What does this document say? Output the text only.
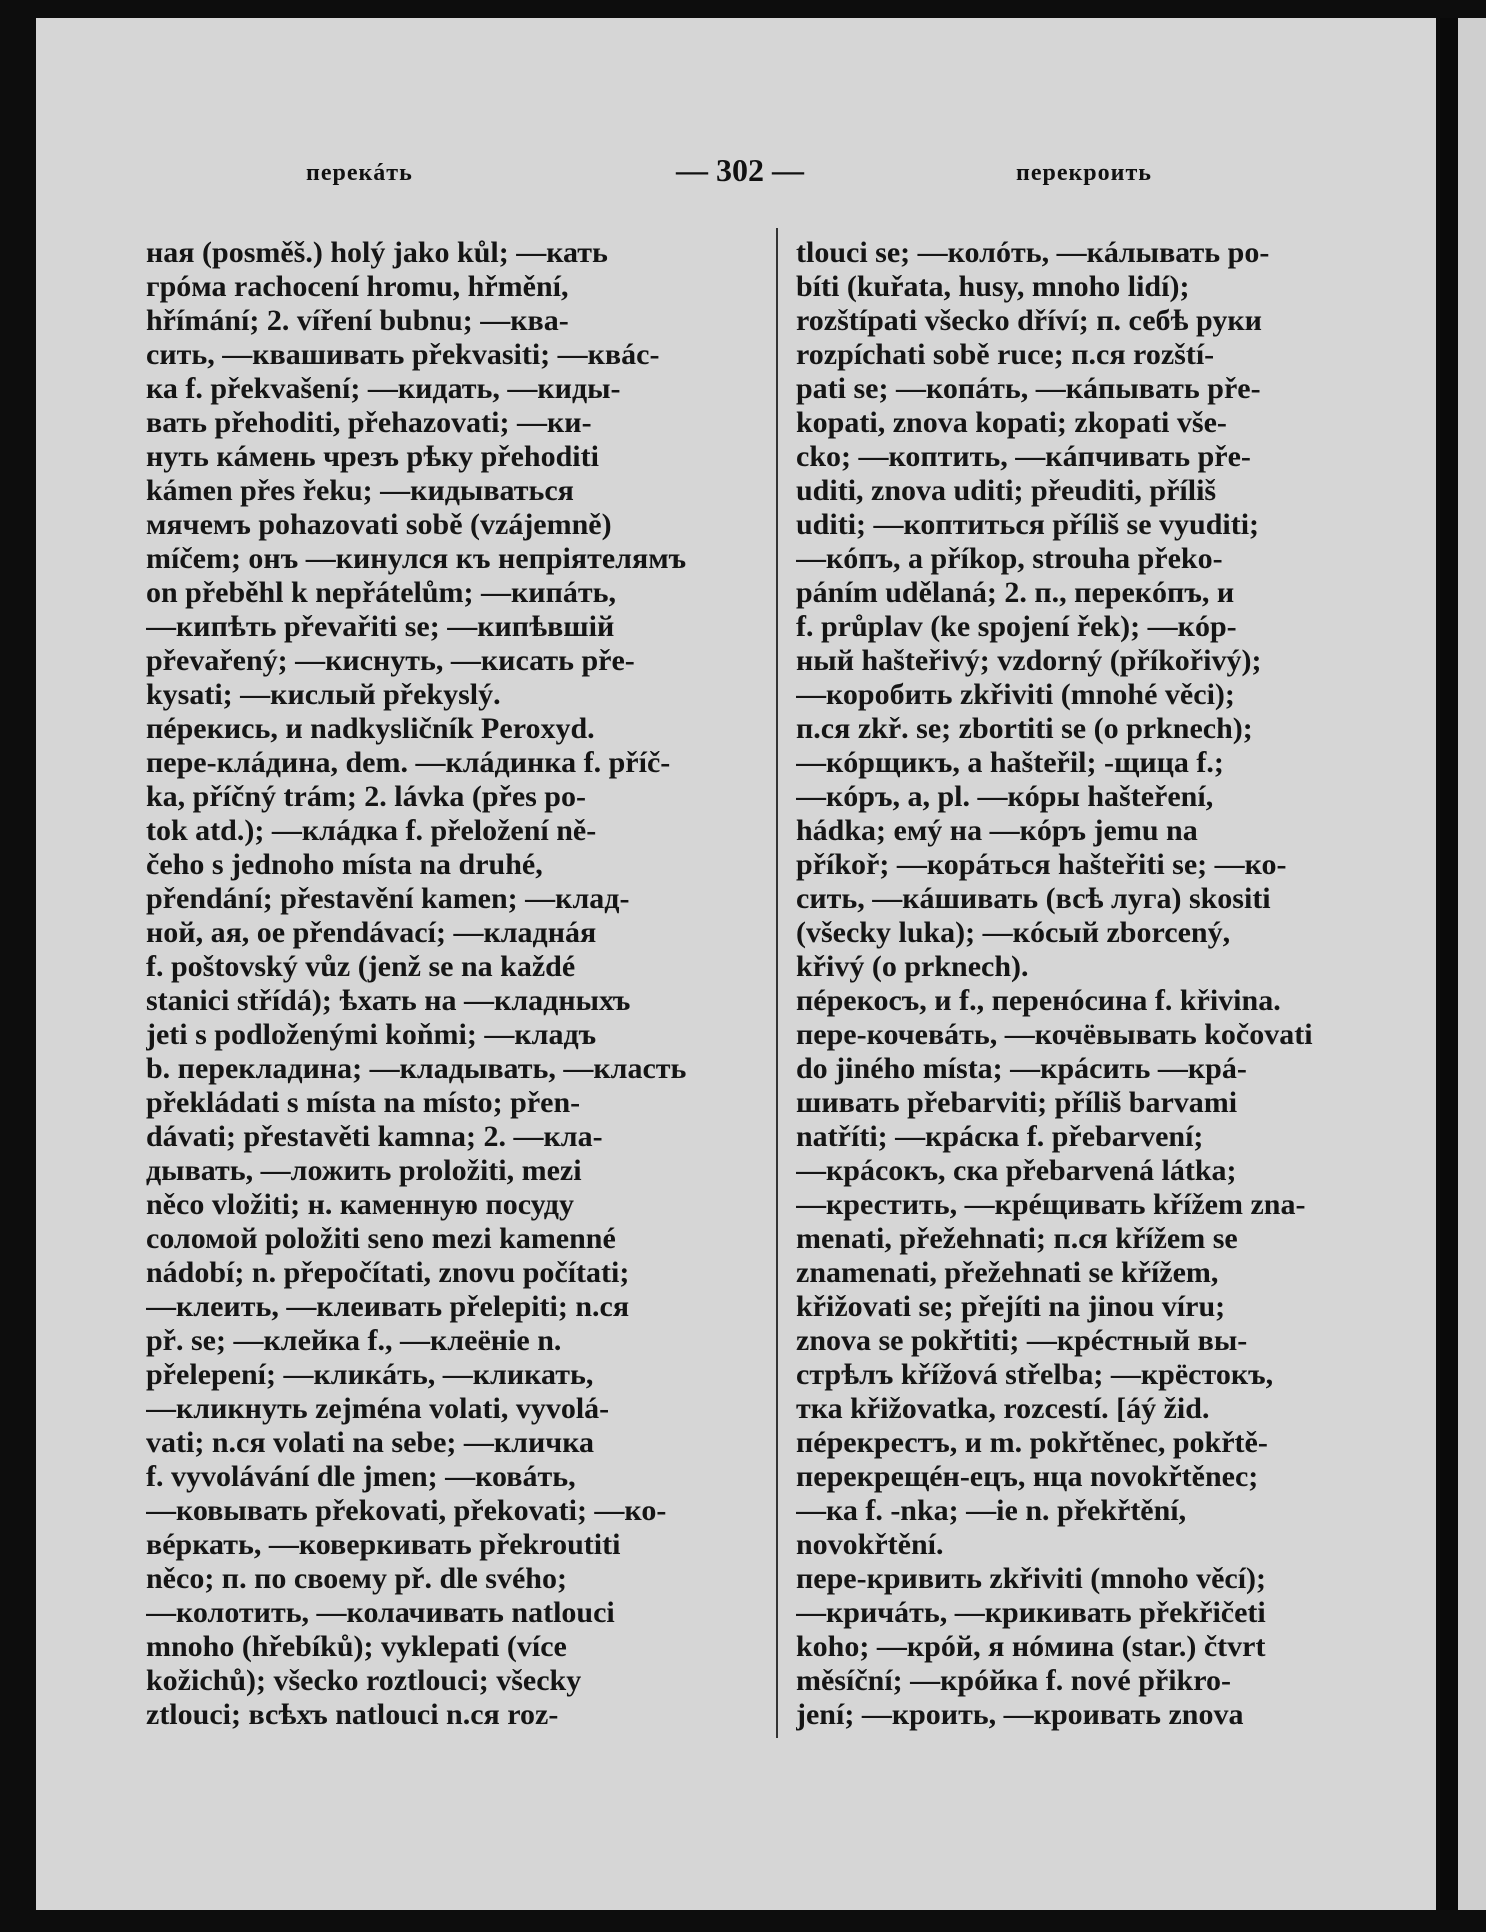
перекáть	— 302 —	перекроить
ная (posměš.) holý jako kůl; —кать
грóма rachocení hromu, hřmění,
hřímání; 2. víření bubnu; —ква-
сить, —квашивать překvasiti; —квáс-
ка f. překvašení; —кидать, —киды-
вать přehoditi, přehazovati; —ки-
нуть кáмень чрезъ рѣку přehoditi
kámen přes řeku; —кидываться
мячемъ pohazovati sobě (vzájemně)
míčem; онъ —кинулся къ непріятелямъ
on přeběhl k nepřátelům; —кипáть,
—кипѣть převařiti se; —кипѣвшій
převařený; —киснуть, —кисать pře-
kysati; —кислый překyslý.
пéрекись, и nadkysličník Peroxyd.
пере-клáдина, dem. —клáдинка f. příč-
ka, příčný trám; 2. lávka (přes po-
tok atd.); —клáдка f. přeložení ně-
čeho s jednoho místa na druhé,
přendání; přestavění kamen; —клад-
ной, ая, ое přendávací; —кладнáя
f. poštovský vůz (jenž se na každé
stanici střídá); ѣхать на —кладныхъ
jeti s podloženými koňmi; —кладъ
b. перекладина; —кладывать, —класть
překládati s místa na místo; přen-
dávati; přestavěti kamna; 2. —кла-
дывать, —ложить proložiti, mezi
něco vložiti; н. каменную посуду
соломой položiti seno mezi kamenné
nádobí; n. přepočítati, znovu počítati;
—клеить, —клеивать přelepiti; n.ся
př. se; —клейка f., —клеёніе n.
přelepení; —кликáть, —кликать,
—кликнуть zejména volati, vyvolá-
vati; n.ся volati na sebe; —кличка
f. vyvolávání dle jmen; —ковáть,
—ковывать překovati, překovati; —ко-
вéркать, —коверкивать překroutiti
něco; п. по своему př. dle svého;
—колотить, —колачивать natlouci
mnoho (hřebíků); vyklepati (více
kožichů); všecko roztlouci; všecky
ztlouci; всѣхъ natlouci n.ся roz-
tlouci se; —колóть, —кáлывать po-
bíti (kuřata, husy, mnoho lidí);
rozštípati všecko dříví; п. себѣ руки
rozpíchati sobě ruce; п.ся rozští-
pati se; —копáть, —кáпывать pře-
kopati, znova kopati; zkopati vše-
cko; —коптить, —кáпчивать pře-
uditi, znova uditi; přeuditi, příliš
uditi; —коптиться příliš se vyuditi;
—кóпъ, a příkop, strouha překo-
páním udělaná; 2. п., перекóпъ, и
f. průplav (ke spojení řek); —кóр-
ный hašteřivý; vzdorný (příkořivý);
—коробить zkřiviti (mnohé věci);
п.ся zkř. se; zbortiti se (o prknech);
—кóрщикъ, a hašteřil; -щица f.;
—кóръ, a, pl. —кóры hašteření,
hádka; емý на —кóръ jemu na
příkoř; —корáться hašteřiti se; —ко-
сить, —кáшивать (всѣ луга) skositi
(všecky luka); —кóсый zborcený,
křivý (o prknech).
пéрекосъ, и f., перенóсина f. křivina.
пере-кочевáть, —кочёвывать kočovati
do jiného místa; —крáсить —крá-
шивать přebarviti; příliš barvami
natříti; —крáска f. přebarvení;
—крáсокъ, ска přebarvená látka;
—крестить, —крéщивать křížem zna-
menati, přežehnati; п.ся křížem se
znamenati, přežehnati se křížem,
křižovati se; přejíti na jinou víru;
znova se pokřtiti; —крéстный вы-
стрѣлъ křížová střelba; —крёстокъ,
тка křižovatka, rozcestí. [áý žid.
пéрекрестъ, и m. pokřtěnec, pokřtě-
перекрещéн-ецъ, нца novokřtěnec;
—ка f. -nka; —іе n. překřtění,
novokřtění.
пере-кривить zkřiviti (mnoho věcí);
—кричáть, —крикивать překřičeti
koho; —крóй, я нóмина (star.) čtvrt
měsíční; —крóйка f. nové přikro-
jení; —кроить, —кроивать znova
